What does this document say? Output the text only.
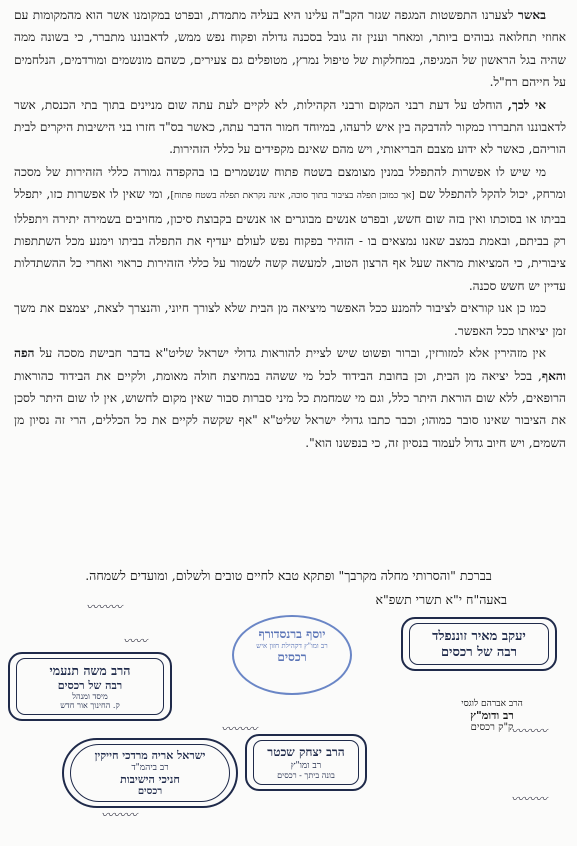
באשר לצערנו התפשטות המגפה שגזר הקב"ה עלינו היא בעליה מתמדת, ובפרט במקומנו אשר הוא מהמקומות עם אחוזי תחלואה גבוהים ביותר, ומאחר וענין זה גובל בסכנה גדולה ופקוח נפש ממש, לדאבוננו מתברר, כי בשונה ממה שהיה בגל הראשון של המגיפה, במחלקות של טיפול נמרץ, מטופלים גם צעירים, כשהם מונשמים ומורדמים, הנלחמים על חייהם רח"ל.

אי לכך, הוחלט על דעת רבני המקום ורבני הקהילות, לא לקיים לעת עתה שום מניינים בתוך בתי הכנסת, אשר לדאבוננו התבררו כמקור להדבקה בין איש לרעהו, במיוחד חמור הדבר עתה, כאשר בס"ד חזרו בני הישיבות היקרים לבית הוריהם, כאשר לא ידוע מצבם הבריאותי, ויש מהם שאינם מקפידים על כללי הזהירות.

מי שיש לו אפשרות להתפלל במנין מצומצם בשטח פתוח שנשמרים בו בהקפדה גמורה כללי הזהירות של מסכה ומרחק, יכול להקל להתפלל שם [אך כמובן תפלה בציבור בתוך סוכה, אינה נקראת תפלה בשטח פתוח], ומי שאין לו אפשרות כזו, יתפלל בביתו או בסוכתו ואין בזה שום חשש, ובפרט אנשים מבוגרים או אנשים בקבוצת סיכון, מחויבים בשמירה יתירה ויתפללו רק בביתם, ובאמת במצב שאנו נמצאים בו - הזהיר בפקוח נפש לעולם יעדיף את התפלה בביתו וימנע מכל השתתפות ציבורית, כי המציאות מראה שעל אף הרצון הטוב, למעשה קשה לשמור על כללי הזהירות כראוי ואחרי כל ההשתדלות עדיין יש חשש סכנה.

כמו כן אנו קוראים לציבור להמנע ככל האפשר מיציאה מן הבית שלא לצורך חיוני, והנצרך לצאת, יצמצם את משך זמן יציאתו ככל האפשר.

אין מזהירין אלא למזורזין, וברור ופשוט שיש לציית להוראות גדולי ישראל שליט"א בדבר חבישת מסכה על הפה והאף, בכל יציאה מן הבית, וכן בחובת הבידוד לכל מי ששהה במחיצת חולה מאומת, ולקיים את הבידוד כהוראות הרופאים, ללא שום הוראת היתר כלל, וגם מי שמחמת כל מיני סברות סבור שאין מקום לחשוש, אין לו שום היתר לסכן את הציבור שאינו סובר כמוהו; וכבר כתבו גדולי ישראל שליט"א "אף שקשה לקיים את כל הכללים, הרי זה נסיון מן השמים, ויש חיוב גדול לעמוד בנסיון זה, כי בנפשנו הוא".

בברכת "והסרותי מחלה מקרבך" ופתקא טבא לחיים טובים ולשלום, ומועדים לשמחה.
באעה"ח י"א תשרי תשפ"א
〰〰〰
〰〰
〰〰〰
〰〰〰
〰〰〰
〰〰〰
יעקב מאיר זוננפלד
רבה של רכסים
יוסף ברנסדורף
רב ומו"ץ דקהילת חזון איש
רכסים
הרב משה תנעמי
רבה של רכסים
מיסד ומנהל
ק. החינוך אור חדש	הרב אברהם לוגסי
רב ודומ"ץ
ק"ק רכסים
הרב יצחק שכטר
רב ומו"ץ
בונה ביתך - רכסים
ישראל אריה מרדכי חייקין
רב ביהמ"ד
חניכי הישיבות
רכסים
